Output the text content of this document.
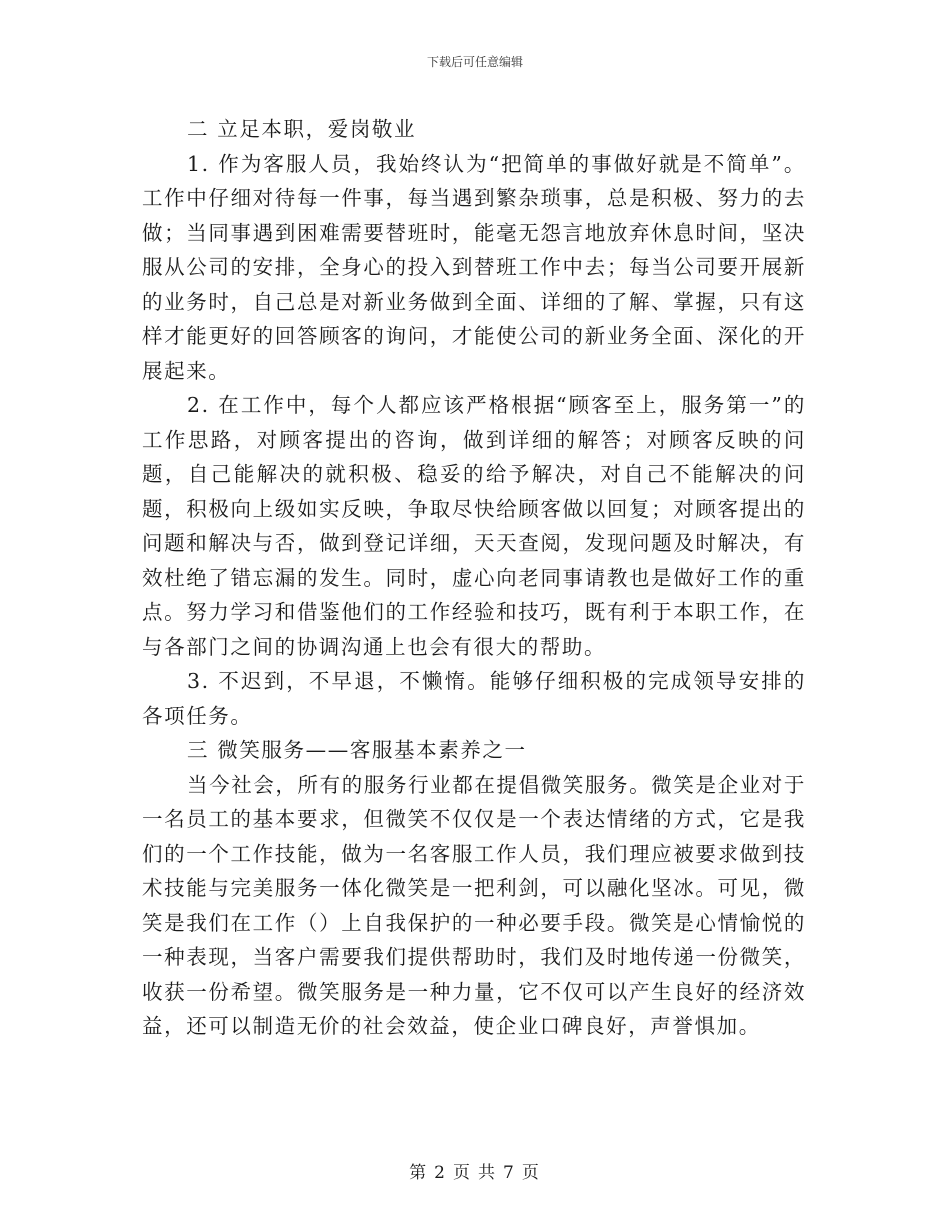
下载后可任意编辑

二 立足本职，爱岗敬业

1. 作为客服人员，我始终认为“把简单的事做好就是不简单”。工作中仔细对待每一件事，每当遇到繁杂琐事，总是积极、努力的去做；当同事遇到困难需要替班时，能毫无怨言地放弃休息时间，坚决服从公司的安排，全身心的投入到替班工作中去；每当公司要开展新的业务时，自己总是对新业务做到全面、详细的了解、掌握，只有这样才能更好的回答顾客的询问，才能使公司的新业务全面、深化的开展起来。

2. 在工作中，每个人都应该严格根据“顾客至上，服务第一”的工作思路，对顾客提出的咨询，做到详细的解答；对顾客反映的问题，自己能解决的就积极、稳妥的给予解决，对自己不能解决的问题，积极向上级如实反映，争取尽快给顾客做以回复；对顾客提出的问题和解决与否，做到登记详细，天天查阅，发现问题及时解决，有效杜绝了错忘漏的发生。同时，虚心向老同事请教也是做好工作的重点。努力学习和借鉴他们的工作经验和技巧，既有利于本职工作，在与各部门之间的协调沟通上也会有很大的帮助。

3. 不迟到，不早退，不懒惰。能够仔细积极的完成领导安排的各项任务。

三 微笑服务——客服基本素养之一

当今社会，所有的服务行业都在提倡微笑服务。微笑是企业对于一名员工的基本要求，但微笑不仅仅是一个表达情绪的方式，它是我们的一个工作技能，做为一名客服工作人员，我们理应被要求做到技术技能与完美服务一体化微笑是一把利剑，可以融化坚冰。可见，微笑是我们在工作（）上自我保护的一种必要手段。微笑是心情愉悦的一种表现，当客户需要我们提供帮助时，我们及时地传递一份微笑，收获一份希望。微笑服务是一种力量，它不仅可以产生良好的经济效益，还可以制造无价的社会效益，使企业口碑良好，声誉惧加。

第 2 页 共 7 页
